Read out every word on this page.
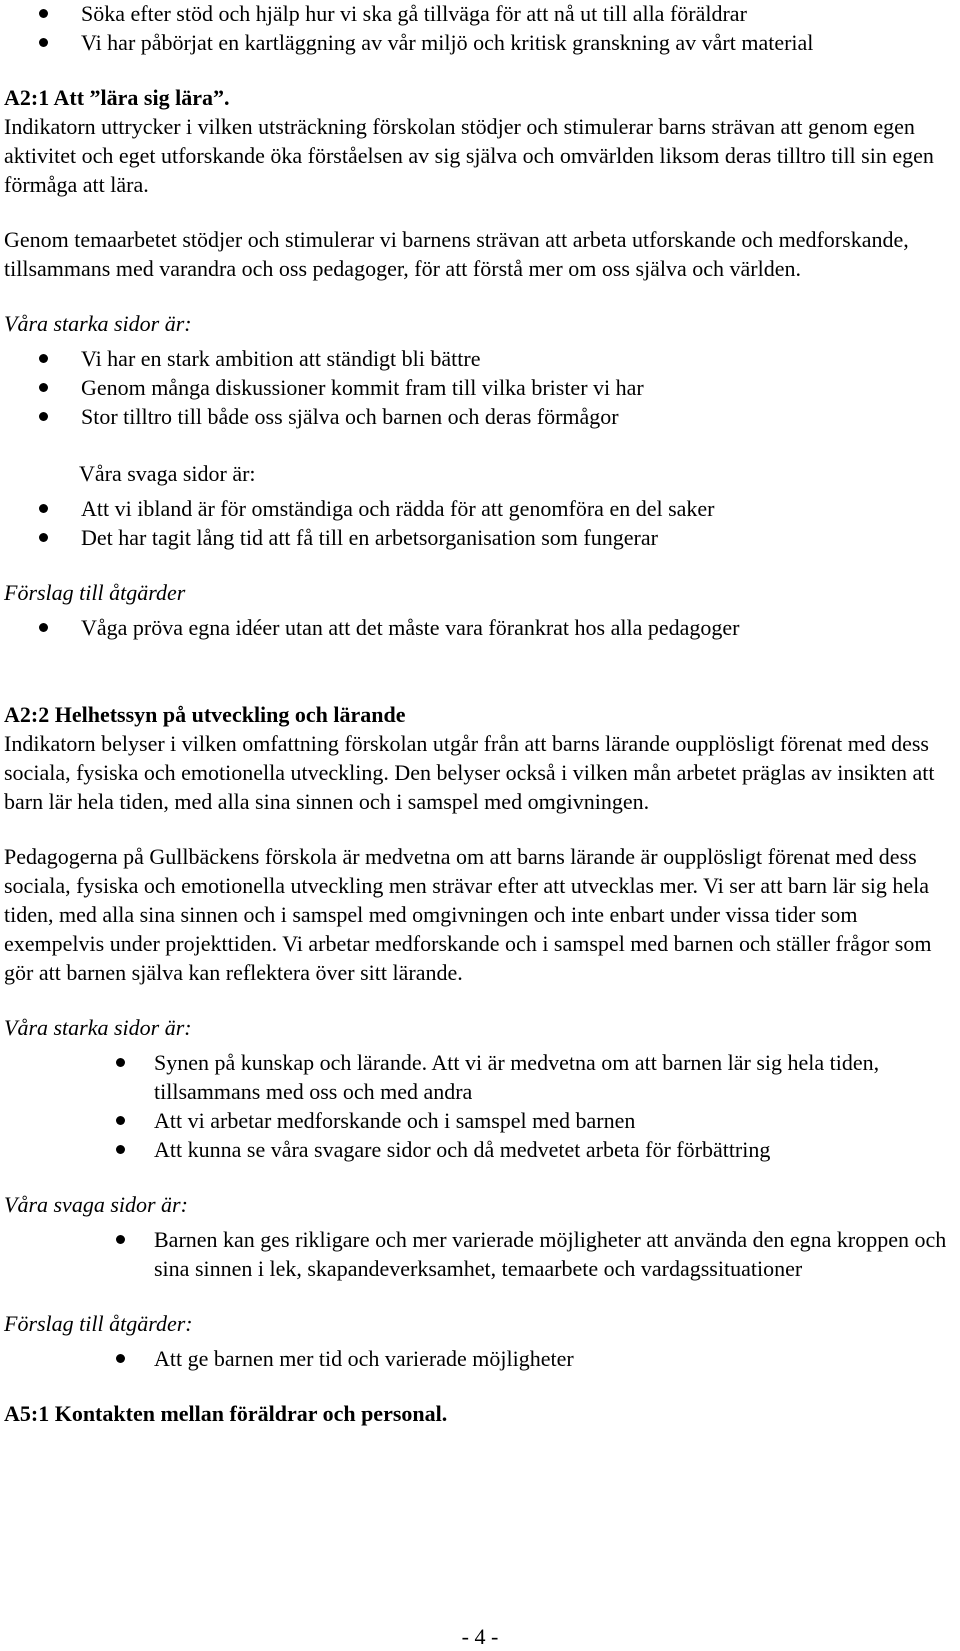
Söka efter stöd och hjälp hur vi ska gå tillväga för att nå ut till alla föräldrar
Vi har påbörjat en kartläggning av vår miljö och kritisk granskning av vårt material

A2:1 Att ”lära sig lära”.

Indikatorn uttrycker i vilken utsträckning förskolan stödjer och stimulerar barns strävan att genom egen aktivitet och eget utforskande öka förståelsen av sig själva och omvärlden liksom deras tilltro till sin egen förmåga att lära.

Genom temaarbetet stödjer och stimulerar vi barnens strävan att arbeta utforskande och medforskande, tillsammans med varandra och oss pedagoger, för att förstå mer om oss själva och världen.

Våra starka sidor är:

Vi har en stark ambition att ständigt bli bättre
Genom många diskussioner kommit fram till vilka brister vi har
Stor tilltro till både oss själva och barnen och deras förmågor

Våra svaga sidor är:

Att vi ibland är för omständiga och rädda för att genomföra en del saker
Det har tagit lång tid att få till en arbetsorganisation som fungerar

Förslag till åtgärder

Våga pröva egna idéer utan att det måste vara förankrat hos alla pedagoger

A2:2 Helhetssyn på utveckling och lärande

Indikatorn belyser i vilken omfattning förskolan utgår från att barns lärande oupplösligt förenat med dess sociala, fysiska och emotionella utveckling. Den belyser också i vilken mån arbetet präglas av insikten att barn lär hela tiden, med alla sina sinnen och i samspel med omgivningen.

Pedagogerna på Gullbäckens förskola är medvetna om att barns lärande är oupplösligt förenat med dess sociala, fysiska och emotionella utveckling men strävar efter att utvecklas mer. Vi ser att barn lär sig hela tiden, med alla sina sinnen och i samspel med omgivningen och inte enbart under vissa tider som exempelvis under projekttiden. Vi arbetar medforskande och i samspel med barnen och ställer frågor som gör att barnen själva kan reflektera över sitt lärande.

Våra starka sidor är:

Synen på kunskap och lärande. Att vi är medvetna om att barnen lär sig hela tiden, tillsammans med oss och med andra
Att vi arbetar medforskande och i samspel med barnen
Att kunna se våra svagare sidor och då medvetet arbeta för förbättring

Våra svaga sidor är:

Barnen kan ges rikligare och mer varierade möjligheter att använda den egna kroppen och sina sinnen i lek, skapandeverksamhet, temaarbete och vardagssituationer

Förslag till åtgärder:

Att ge barnen mer tid och varierade möjligheter

A5:1 Kontakten mellan föräldrar och personal.

- 4 -
